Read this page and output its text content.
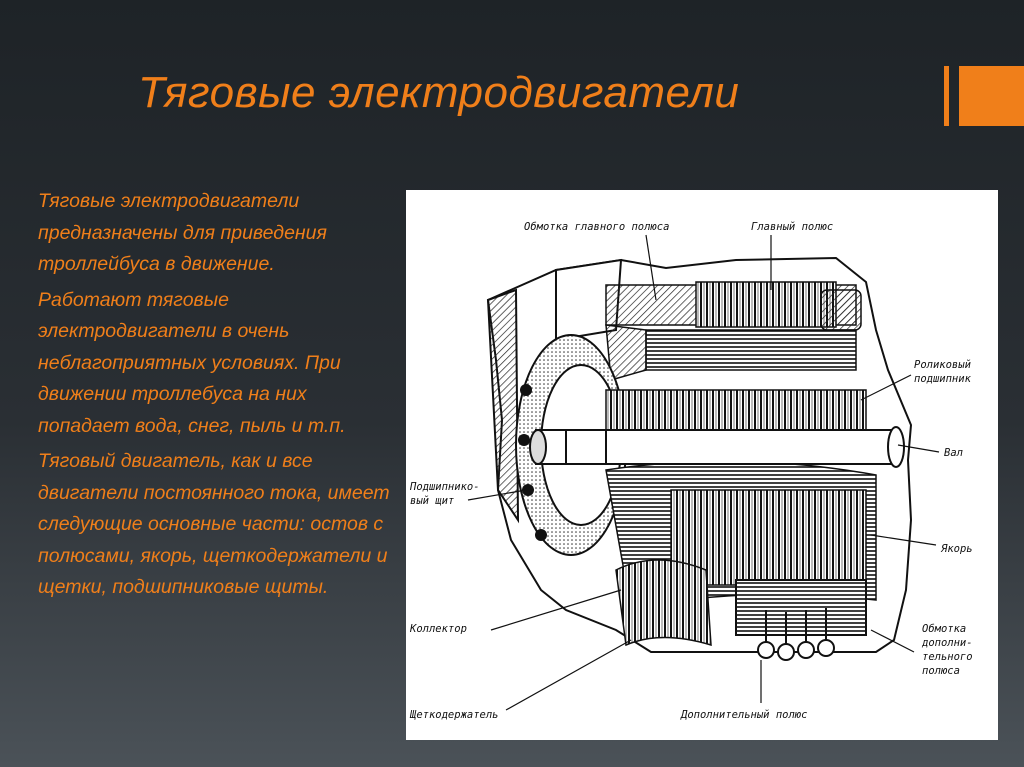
Тяговые электродвигатели

Тяговые электродвигатели предназначены для приведения троллейбуса в движение.

Работают тяговые электродвигатели в очень неблагоприятных условиях. При движении троллебуса на них попадает вода, снег, пыль и т.п.

Тяговый двигатель, как и все двигатели постоянного тока, имеет следующие основные части: остов с полюсами, якорь, щеткодержатели и щетки, подшипниковые щиты.

Обмотка главного полюса	Главный полюс
Роликовый
подшипник
Вал
Подшипнико-
вый щит
Якорь
Коллектор	Обмотка
дополни-
тельного
полюса
Щеткодержатель	Дополнительный полюс
